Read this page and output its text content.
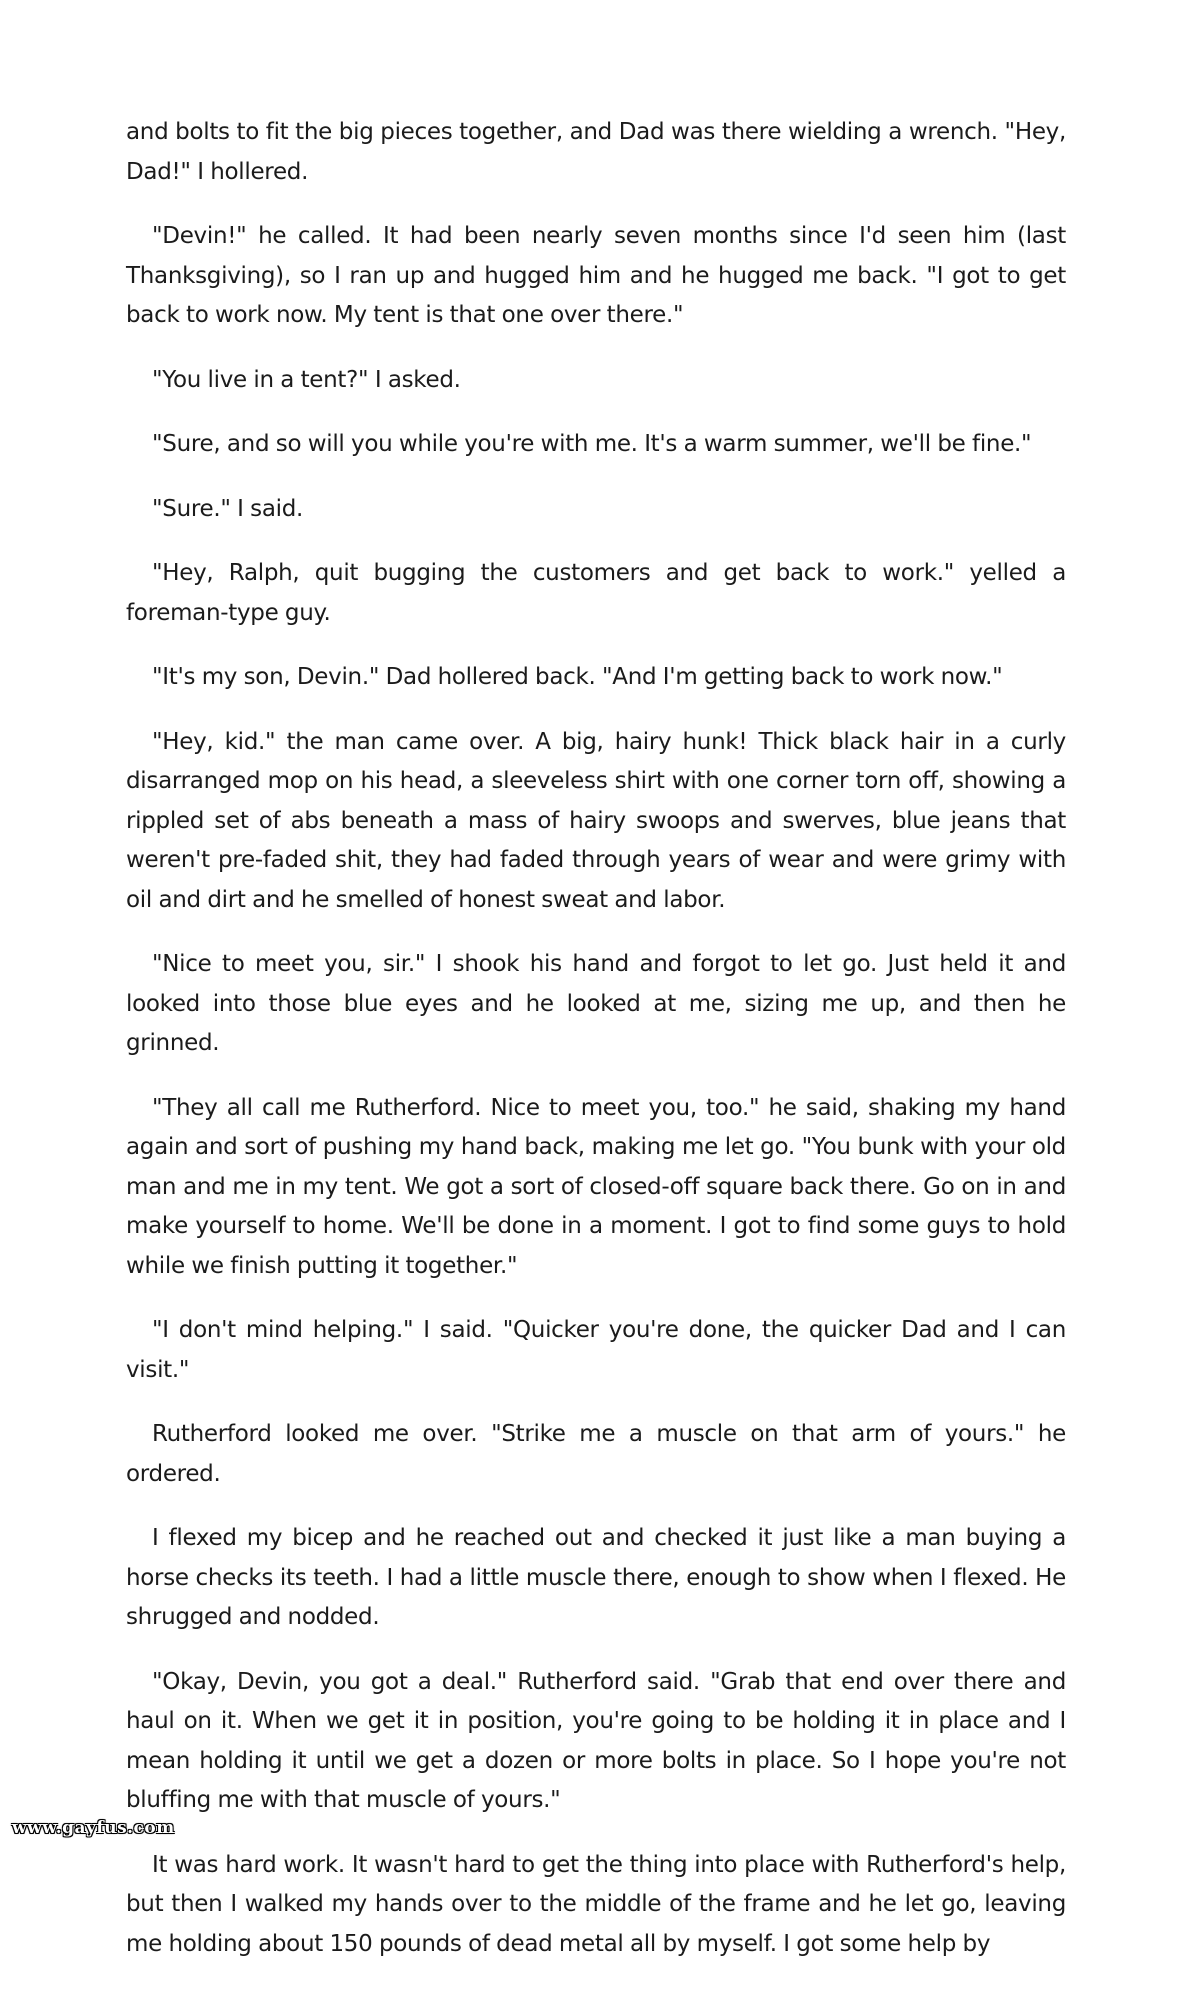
and bolts to fit the big pieces together, and Dad was there wielding a wrench. "Hey, Dad!" I hollered.

"Devin!" he called. It had been nearly seven months since I'd seen him (last Thanksgiving), so I ran up and hugged him and he hugged me back. "I got to get back to work now. My tent is that one over there."

"You live in a tent?" I asked.

"Sure, and so will you while you're with me. It's a warm summer, we'll be fine."

"Sure." I said.

"Hey, Ralph, quit bugging the customers and get back to work." yelled a foreman-type guy.

"It's my son, Devin." Dad hollered back. "And I'm getting back to work now."

"Hey, kid." the man came over. A big, hairy hunk! Thick black hair in a curly disarranged mop on his head, a sleeveless shirt with one corner torn off, showing a rippled set of abs beneath a mass of hairy swoops and swerves, blue jeans that weren't pre-faded shit, they had faded through years of wear and were grimy with oil and dirt and he smelled of honest sweat and labor.

"Nice to meet you, sir." I shook his hand and forgot to let go. Just held it and looked into those blue eyes and he looked at me, sizing me up, and then he grinned.

"They all call me Rutherford. Nice to meet you, too." he said, shaking my hand again and sort of pushing my hand back, making me let go. "You bunk with your old man and me in my tent. We got a sort of closed-off square back there. Go on in and make yourself to home. We'll be done in a moment. I got to find some guys to hold while we finish putting it together."

"I don't mind helping." I said. "Quicker you're done, the quicker Dad and I can visit."

Rutherford looked me over. "Strike me a muscle on that arm of yours." he ordered.

I flexed my bicep and he reached out and checked it just like a man buying a horse checks its teeth. I had a little muscle there, enough to show when I flexed. He shrugged and nodded.

"Okay, Devin, you got a deal." Rutherford said. "Grab that end over there and haul on it. When we get it in position, you're going to be holding it in place and I mean holding it until we get a dozen or more bolts in place. So I hope you're not bluffing me with that muscle of yours."

It was hard work. It wasn't hard to get the thing into place with Rutherford's help, but then I walked my hands over to the middle of the frame and he let go, leaving me holding about 150 pounds of dead metal all by myself. I got some help by

www.gayfus.com
